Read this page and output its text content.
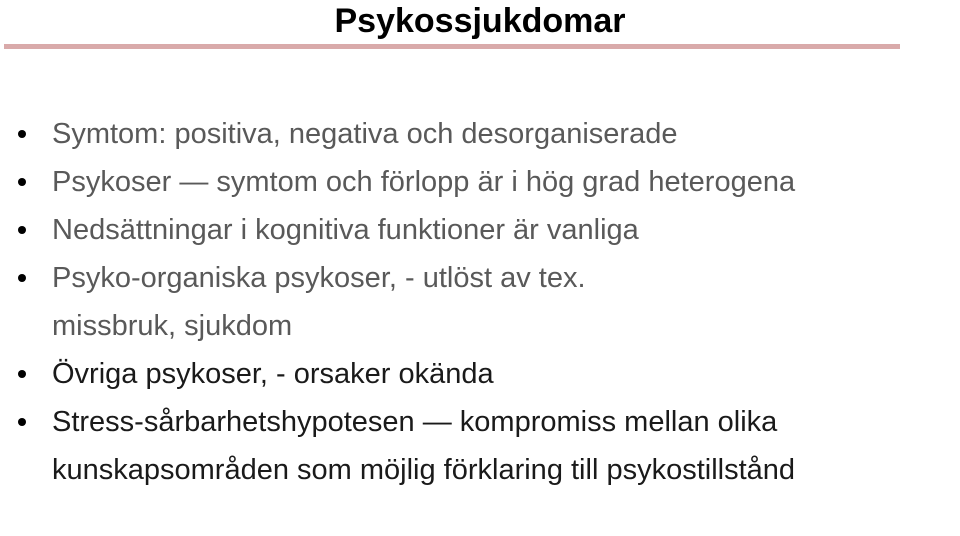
Psykossjukdomar
Symtom: positiva, negativa och desorganiserade
Psykoser — symtom och förlopp är i hög grad heterogena
Nedsättningar i kognitiva funktioner är vanliga
Psyko-organiska psykoser, - utlöst av tex. missbruk, sjukdom
Övriga psykoser, - orsaker okända
Stress-sårbarhetshypotesen — kompromiss mellan olika kunskapsområden som möjlig förklaring till psykostillstånd
